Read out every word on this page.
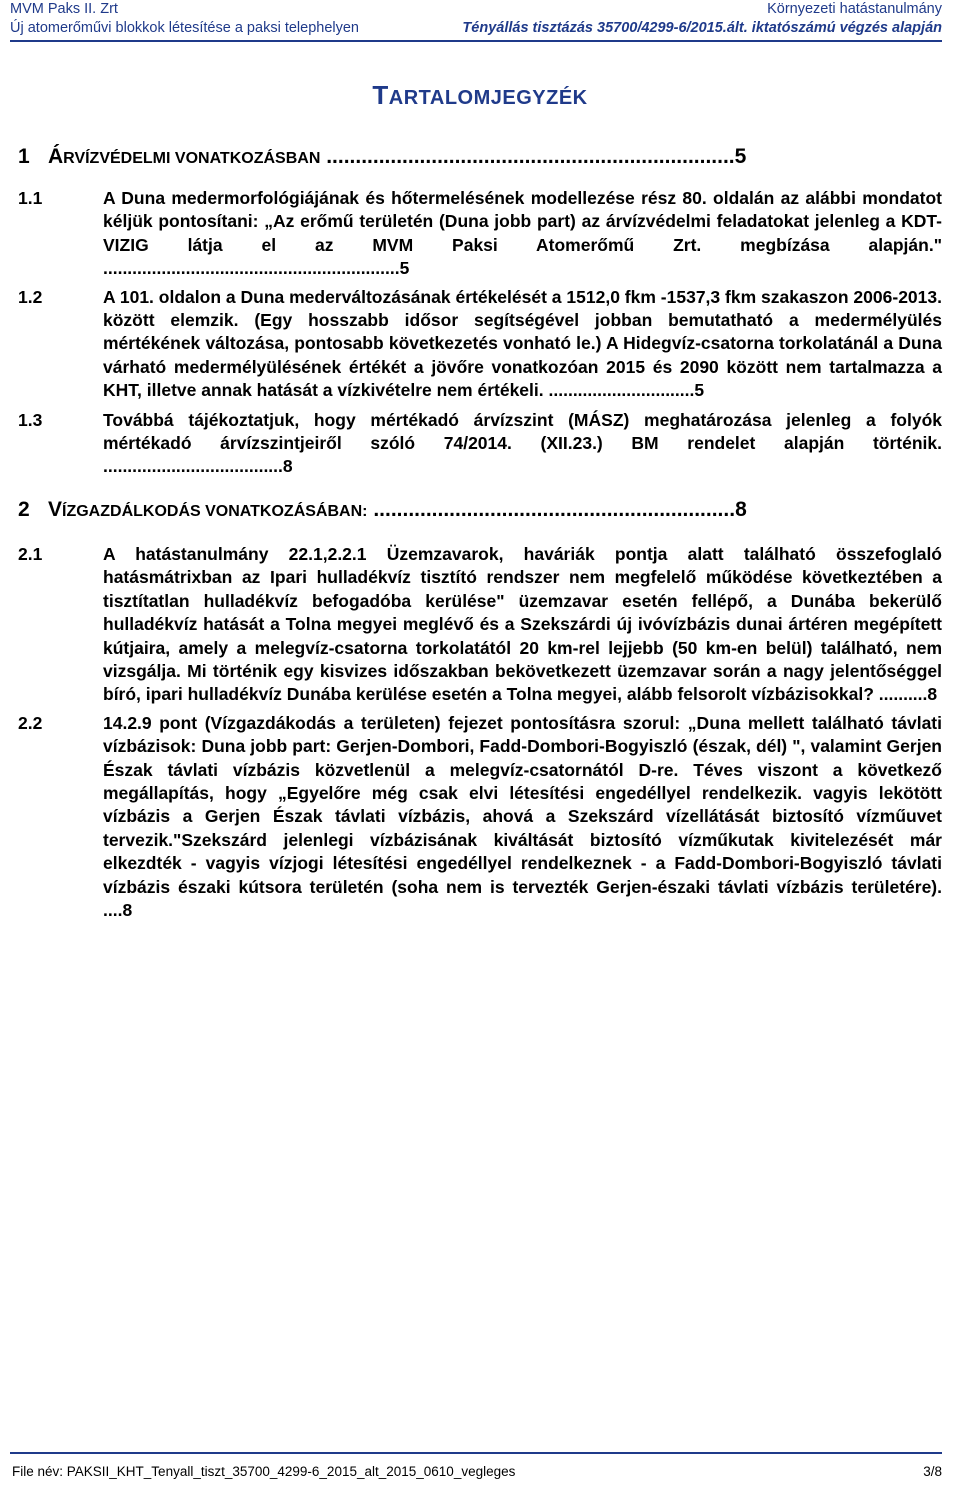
MVM Paks II. Zrt	Környezeti hatástanulmány
Új atomerőművi blokkok létesítése a paksi telephelyen	Tényállás tisztázás 35700/4299-6/2015.ált. iktatószámú végzés alapján
TARTALOMJEGYZÉK
1 ÁRVÍZVÉDELMI VONATKOZÁSBAN ......................................................................5
1.1	A Duna medermorfológiájának és hőtermelésének modellezése rész 80. oldalán az alábbi mondatot kéljük pontosítani: „Az erőmű területén (Duna jobb part) az árvízvédelmi feladatokat jelenleg a KDT-VIZIG látja el az MVM Paksi Atomerőmű Zrt. megbízása alapján." .............................................................5
1.2	A 101. oldalon a Duna mederváltozásának értékelését a 1512,0 fkm -1537,3 fkm szakaszon 2006-2013. között elemzik. (Egy hosszabb idősor segítségével jobban bemutatható a medermélyülés mértékének változása, pontosabb következetés vonható le.) A Hidegvíz-csatorna torkolatánál a Duna várható medermélyülésének értékét a jövőre vonatkozóan 2015 és 2090 között nem tartalmazza a KHT, illetve annak hatását a vízkivételre nem értékeli. ..............................5
1.3	Továbbá tájékoztatjuk, hogy mértékadó árvízszint (MÁSZ) meghatározása jelenleg a folyók mértékadó árvízszintjeiről szóló 74/2014. (XII.23.) BM rendelet alapján történik. .....................................8
2 VÍZGAZDÁLKODÁS VONATKOZÁSÁBAN: ..............................................................8
2.1	A hatástanulmány 22.1,2.2.1 Üzemzavarok, haváriák pontja alatt található összefoglaló hatásmátrixban az Ipari hulladékvíz tisztító rendszer nem megfelelő működése következtében a tisztítatlan hulladékvíz befogadóba kerülése" üzemzavar esetén fellépő, a Dunába bekerülő hulladékvíz hatását a Tolna megyei meglévő és a Szekszárdi új ivóvízbázis dunai ártéren megépített kútjaira, amely a melegvíz-csatorna torkolatától 20 km-rel lejjebb (50 km-en belül) található, nem vizsgálja. Mi történik egy kisvizes időszakban bekövetkezett üzemzavar során a nagy jelentőséggel bíró, ipari hulladékvíz Dunába kerülése esetén a Tolna megyei, alább felsorolt vízbázisokkal? ..........8
2.2	14.2.9 pont (Vízgazdákodás a területen) fejezet pontosításra szorul: „Duna mellett található távlati vízbázisok: Duna jobb part: Gerjen-Dombori, Fadd-Dombori-Bogyiszló (észak, dél) ", valamint Gerjen Észak távlati vízbázis közvetlenül a melegvíz-csatornától D-re. Téves viszont a következő megállapítás, hogy „Egyelőre még csak elvi létesítési engedéllyel rendelkezik. vagyis lekötött vízbázis a Gerjen Észak távlati vízbázis, ahová a Szekszárd vízellátását biztosító vízműuvet tervezik."Szekszárd jelenlegi vízbázisának kiváltását biztosító vízműkutak kivitelezését már elkezdték - vagyis vízjogi létesítési engedéllyel rendelkeznek - a Fadd-Dombori-Bogyiszló távlati vízbázis északi kútsora területén (soha nem is tervezték Gerjen-északi távlati vízbázis területére). ....8
File név: PAKSII_KHT_Tenyall_tiszt_35700_4299-6_2015_alt_2015_0610_vegleges	3/8
